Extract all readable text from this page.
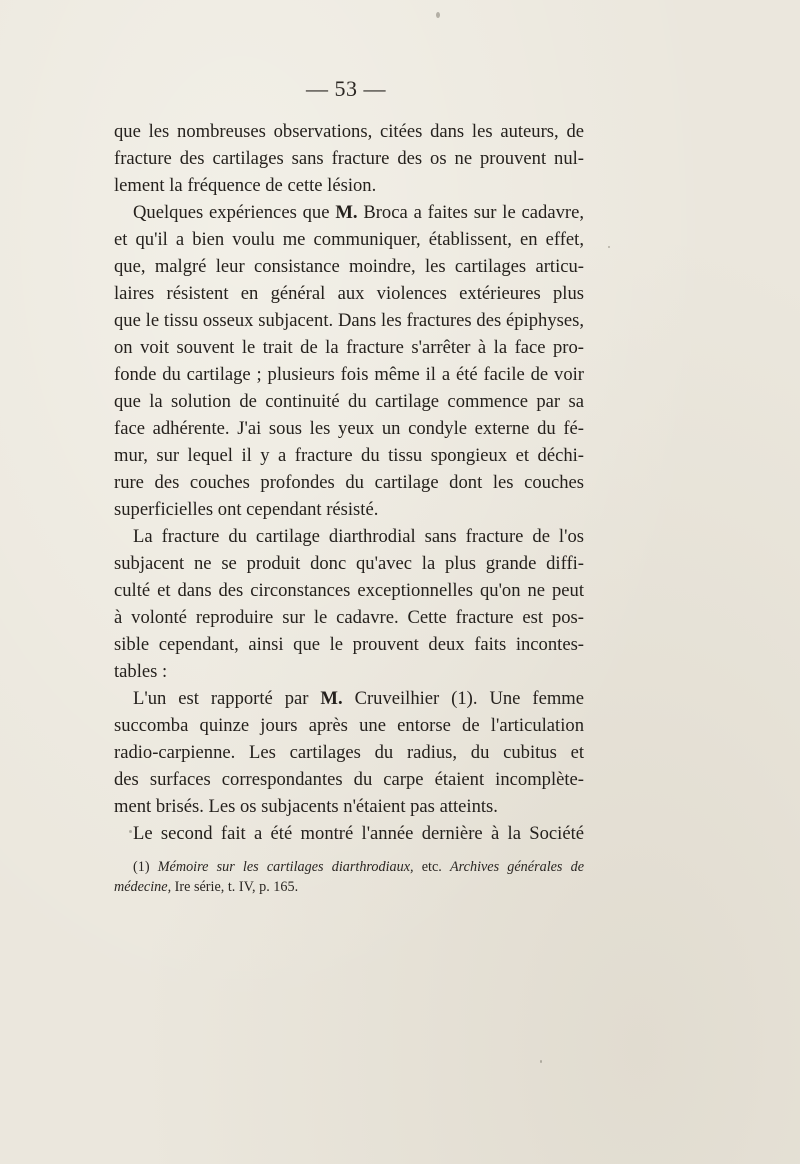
— 53 —
que les nombreuses observations, citées dans les auteurs, de
fracture des cartilages sans fracture des os ne prouvent nul-
lement la fréquence de cette lésion.
Quelques expériences que M. Broca a faites sur le cadavre,
et qu'il a bien voulu me communiquer, établissent, en effet,
que, malgré leur consistance moindre, les cartilages articu-
laires résistent en général aux violences extérieures plus
que le tissu osseux subjacent. Dans les fractures des épiphyses,
on voit souvent le trait de la fracture s'arrêter à la face pro-
fonde du cartilage ; plusieurs fois même il a été facile de voir
que la solution de continuité du cartilage commence par sa
face adhérente. J'ai sous les yeux un condyle externe du fé-
mur, sur lequel il y a fracture du tissu spongieux et déchi-
rure des couches profondes du cartilage dont les couches
superficielles ont cependant résisté.
La fracture du cartilage diarthrodial sans fracture de l'os
subjacent ne se produit donc qu'avec la plus grande diffi-
culté et dans des circonstances exceptionnelles qu'on ne peut
à volonté reproduire sur le cadavre. Cette fracture est pos-
sible cependant, ainsi que le prouvent deux faits incontes-
tables :
L'un est rapporté par M. Cruveilhier (1). Une femme
succomba quinze jours après une entorse de l'articulation
radio-carpienne. Les cartilages du radius, du cubitus et
des surfaces correspondantes du carpe étaient incomplète-
ment brisés. Les os subjacents n'étaient pas atteints.
Le second fait a été montré l'année dernière à la Société
(1) Mémoire sur les cartilages diarthrodiaux, etc. Archives générales de
médecine, Ire série, t. IV, p. 165.
